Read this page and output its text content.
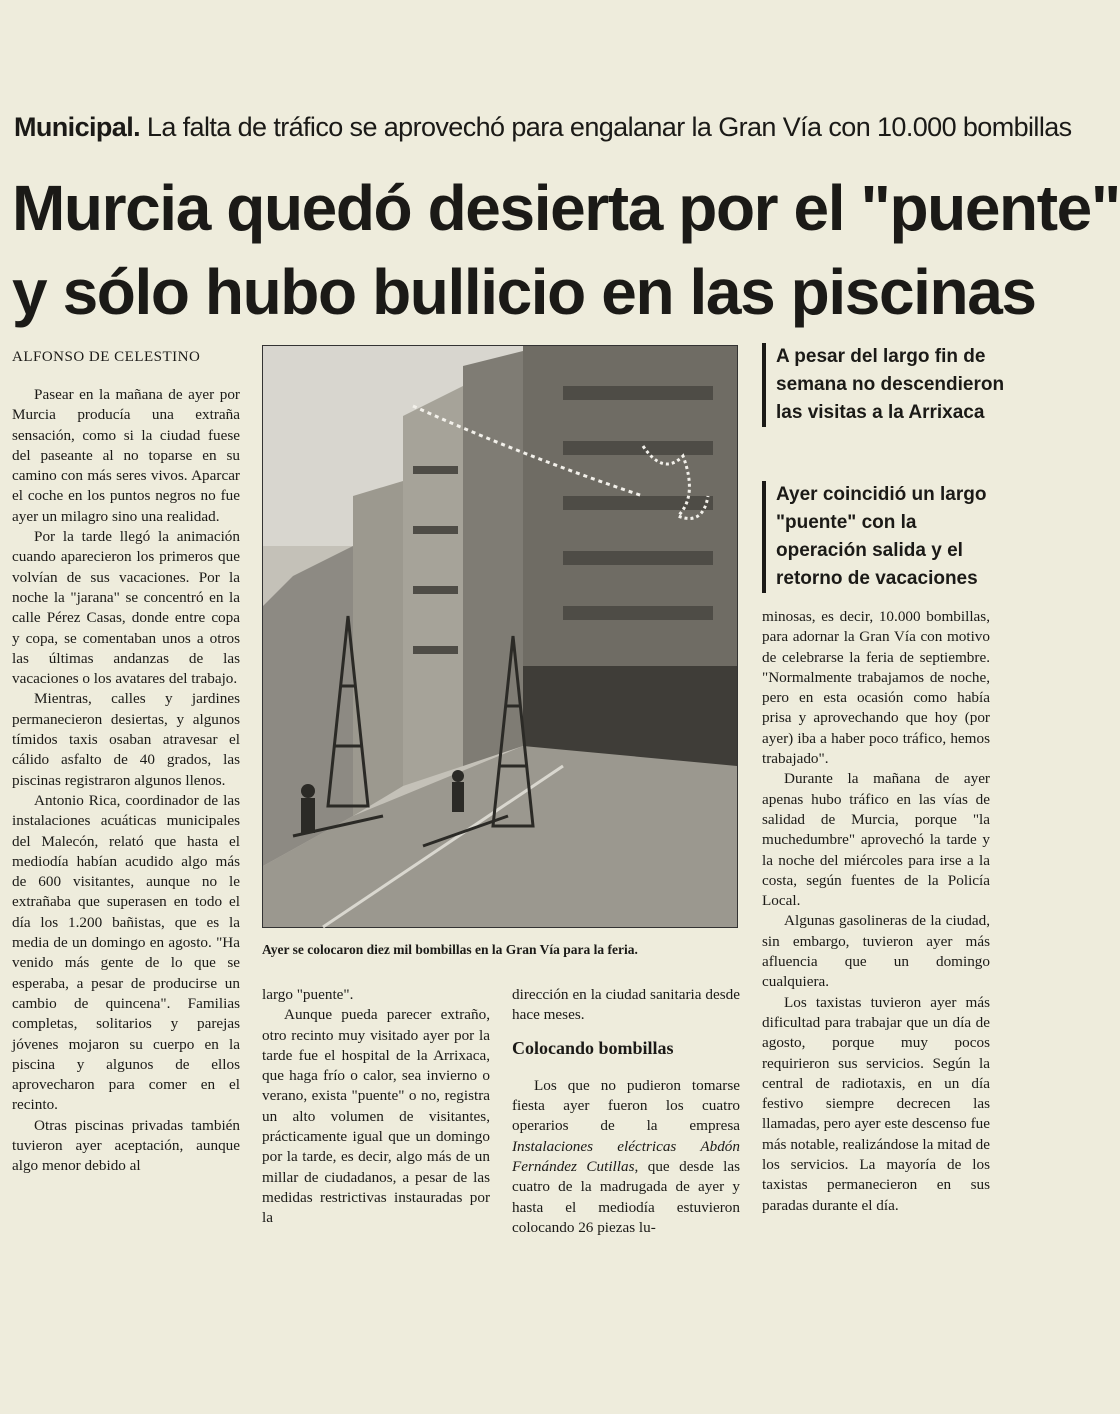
Municipal. La falta de tráfico se aprovechó para engalanar la Gran Vía con 10.000 bombillas
Murcia quedó desierta por el "puente"
y sólo hubo bullicio en las piscinas
ALFONSO DE CELESTINO

Pasear en la mañana de ayer por Murcia producía una extraña sensación, como si la ciudad fuese del paseante al no toparse en su camino con más seres vivos. Aparcar el coche en los puntos negros no fue ayer un milagro sino una realidad.

Por la tarde llegó la animación cuando aparecieron los primeros que volvían de sus vacaciones. Por la noche la "jarana" se concentró en la calle Pérez Casas, donde entre copa y copa, se comentaban unos a otros las últimas andanzas de las vacaciones o los avatares del trabajo.

Mientras, calles y jardines permanecieron desiertas, y algunos tímidos taxis osaban atravesar el cálido asfalto de 40 grados, las piscinas registraron algunos llenos.

Antonio Rica, coordinador de las instalaciones acuáticas municipales del Malecón, relató que hasta el mediodía habían acudido algo más de 600 visitantes, aunque no le extrañaba que superasen en todo el día los 1.200 bañistas, que es la media de un domingo en agosto. "Ha venido más gente de lo que se esperaba, a pesar de producirse un cambio de quincena". Familias completas, solitarios y parejas jóvenes mojaron su cuerpo en la piscina y algunos de ellos aprovecharon para comer en el recinto.

Otras piscinas privadas también tuvieron ayer aceptación, aunque algo menor debido al

Ayer se colocaron diez mil bombillas en la Gran Vía para la feria.

largo "puente".

Aunque pueda parecer extraño, otro recinto muy visitado ayer por la tarde fue el hospital de la Arrixaca, que haga frío o calor, sea invierno o verano, exista "puente" o no, registra un alto volumen de visitantes, prácticamente igual que un domingo por la tarde, es decir, algo más de un millar de ciudadanos, a pesar de las medidas restrictivas instauradas por la

dirección en la ciudad sanitaria desde hace meses.

Colocando bombillas

Los que no pudieron tomarse fiesta ayer fueron los cuatro operarios de la empresa Instalaciones eléctricas Abdón Fernández Cutillas, que desde las cuatro de la madrugada de ayer y hasta el mediodía estuvieron colocando 26 piezas lu-

A pesar del largo fin de semana no descendieron las visitas a la Arrixaca
Ayer coincidió un largo "puente" con la operación salida y el retorno de vacaciones

minosas, es decir, 10.000 bombillas, para adornar la Gran Vía con motivo de celebrarse la feria de septiembre. "Normalmente trabajamos de noche, pero en esta ocasión como había prisa y aprovechando que hoy (por ayer) iba a haber poco tráfico, hemos trabajado".

Durante la mañana de ayer apenas hubo tráfico en las vías de salidad de Murcia, porque "la muchedumbre" aprovechó la tarde y la noche del miércoles para irse a la costa, según fuentes de la Policía Local.

Algunas gasolineras de la ciudad, sin embargo, tuvieron ayer más afluencia que un domingo cualquiera.

Los taxistas tuvieron ayer más dificultad para trabajar que un día de agosto, porque muy pocos requirieron sus servicios. Según la central de radiotaxis, en un día festivo siempre decrecen las llamadas, pero ayer este descenso fue más notable, realizándose la mitad de los servicios. La mayoría de los taxistas permanecieron en sus paradas durante el día.
